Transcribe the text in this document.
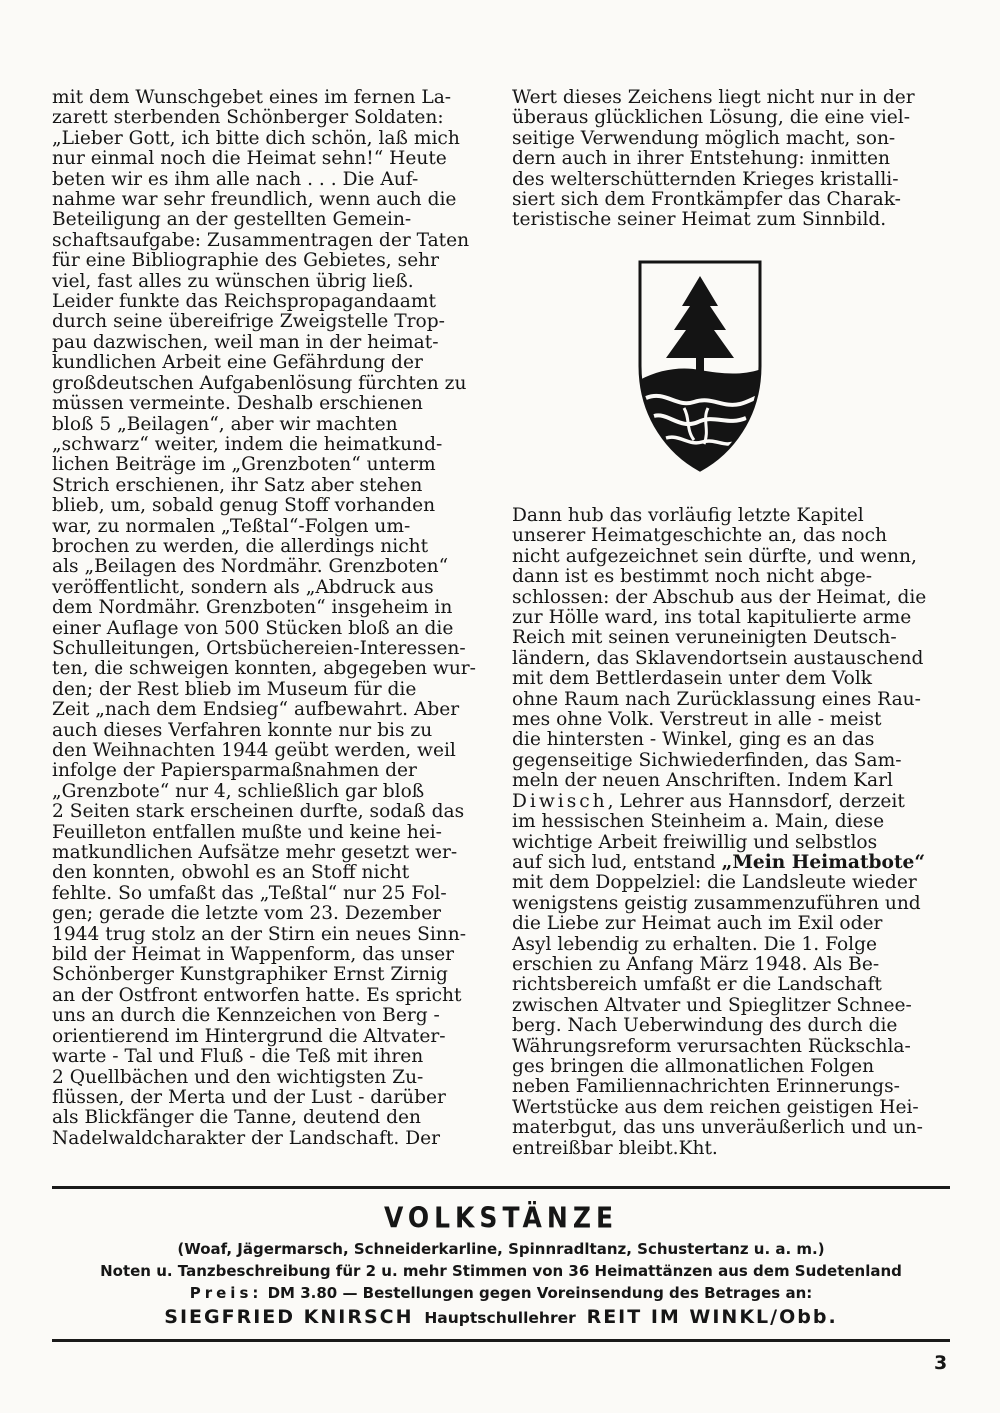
mit dem Wunschgebet eines im fernen La-
zarett sterbenden Schönberger Soldaten:
„Lieber Gott, ich bitte dich schön, laß mich
nur einmal noch die Heimat sehn!“ Heute
beten wir es ihm alle nach . . . Die Auf-
nahme war sehr freundlich, wenn auch die
Beteiligung an der gestellten Gemein-
schaftsaufgabe: Zusammentragen der Taten
für eine Bibliographie des Gebietes, sehr
viel, fast alles zu wünschen übrig ließ.
Leider funkte das Reichspropagandaamt
durch seine übereifrige Zweigstelle Trop-
pau dazwischen, weil man in der heimat-
kundlichen Arbeit eine Gefährdung der
großdeutschen Aufgabenlösung fürchten zu
müssen vermeinte. Deshalb erschienen
bloß 5 „Beilagen“, aber wir machten
„schwarz“ weiter, indem die heimatkund-
lichen Beiträge im „Grenzboten“ unterm
Strich erschienen, ihr Satz aber stehen
blieb, um, sobald genug Stoff vorhanden
war, zu normalen „Teßtal“-Folgen um-
brochen zu werden, die allerdings nicht
als „Beilagen des Nordmähr. Grenzboten“
veröffentlicht, sondern als „Abdruck aus
dem Nordmähr. Grenzboten“ insgeheim in
einer Auflage von 500 Stücken bloß an die
Schulleitungen, Ortsbüchereien-Interessen-
ten, die schweigen konnten, abgegeben wur-
den; der Rest blieb im Museum für die
Zeit „nach dem Endsieg“ aufbewahrt. Aber
auch dieses Verfahren konnte nur bis zu
den Weihnachten 1944 geübt werden, weil
infolge der Papiersparmaßnahmen der
„Grenzbote“ nur 4, schließlich gar bloß
2 Seiten stark erscheinen durfte, sodaß das
Feuilleton entfallen mußte und keine hei-
matkundlichen Aufsätze mehr gesetzt wer-
den konnten, obwohl es an Stoff nicht
fehlte. So umfaßt das „Teßtal“ nur 25 Fol-
gen; gerade die letzte vom 23. Dezember
1944 trug stolz an der Stirn ein neues Sinn-
bild der Heimat in Wappenform, das unser
Schönberger Kunstgraphiker Ernst Zirnig
an der Ostfront entworfen hatte. Es spricht
uns an durch die Kennzeichen von Berg -
orientierend im Hintergrund die Altvater-
warte - Tal und Fluß - die Teß mit ihren
2 Quellbächen und den wichtigsten Zu-
flüssen, der Merta und der Lust - darüber
als Blickfänger die Tanne, deutend den
Nadelwaldcharakter der Landschaft. Der
Wert dieses Zeichens liegt nicht nur in der
überaus glücklichen Lösung, die eine viel-
seitige Verwendung möglich macht, son-
dern auch in ihrer Entstehung: inmitten
des welterschütternden Krieges kristalli-
siert sich dem Frontkämpfer das Charak-
teristische seiner Heimat zum Sinnbild.
Dann hub das vorläufig letzte Kapitel
unserer Heimatgeschichte an, das noch
nicht aufgezeichnet sein dürfte, und wenn,
dann ist es bestimmt noch nicht abge-
schlossen: der Abschub aus der Heimat, die
zur Hölle ward, ins total kapitulierte arme
Reich mit seinen veruneinigten Deutsch-
ländern, das Sklavendortsein austauschend
mit dem Bettlerdasein unter dem Volk
ohne Raum nach Zurücklassung eines Rau-
mes ohne Volk. Verstreut in alle - meist
die hintersten - Winkel, ging es an das
gegenseitige Sichwiederfinden, das Sam-
meln der neuen Anschriften. Indem Karl
Diwisch, Lehrer aus Hannsdorf, derzeit
im hessischen Steinheim a. Main, diese
wichtige Arbeit freiwillig und selbstlos
auf sich lud, entstand „Mein Heimatbote“
mit dem Doppelziel: die Landsleute wieder
wenigstens geistig zusammenzuführen und
die Liebe zur Heimat auch im Exil oder
Asyl lebendig zu erhalten. Die 1. Folge
erschien zu Anfang März 1948. Als Be-
richtsbereich umfaßt er die Landschaft
zwischen Altvater und Spieglitzer Schnee-
berg. Nach Ueberwindung des durch die
Währungsreform verursachten Rückschla-
ges bringen die allmonatlichen Folgen
neben Familiennachrichten Erinnerungs-
Wertstücke aus dem reichen geistigen Hei-
materbgut, das uns unveräußerlich und un-
entreißbar bleibt. Kht.
VOLKSTÄNZE
(Woaf, Jägermarsch, Schneiderkarline, Spinnradltanz, Schustertanz u. a. m.)
Noten u. Tanzbeschreibung für 2 u. mehr Stimmen von 36 Heimattänzen aus dem Sudetenland
Preis: DM 3.80 — Bestellungen gegen Voreinsendung des Betrages an:
SIEGFRIED KNIRSCH Hauptschullehrer REIT IM WINKL/Obb.
3
